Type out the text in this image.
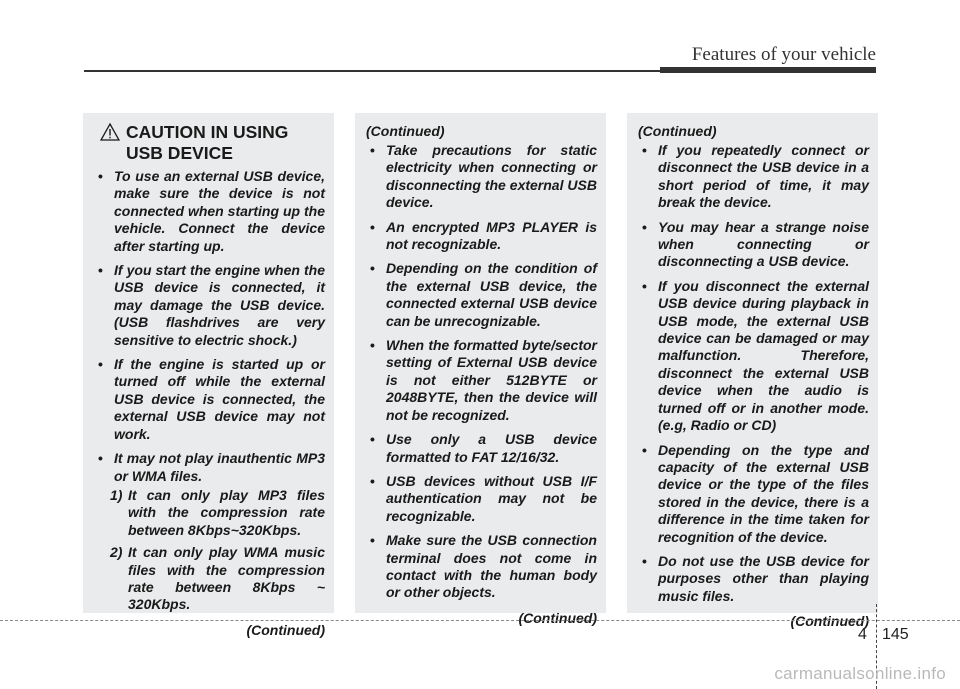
Features of your vehicle
CAUTION IN USING
USB DEVICE
• To use an external USB device, make sure the device is not connected when starting up the vehicle. Connect the device after starting up.
• If you start the engine when the USB device is connected, it may damage the USB device. (USB flashdrives are very sensitive to electric shock.)
• If the engine is started up or turned off while the external USB device is connected, the external USB device may not work.
• It may not play inauthentic MP3 or WMA files.
1) It can only play MP3 files with the compression rate between 8Kbps~320Kbps.
2) It can only play WMA music files with the compression rate between 8Kbps ~ 320Kbps.
(Continued)
(Continued)
• Take precautions for static electricity when connecting or disconnecting the external USB device.
• An encrypted MP3 PLAYER is not recognizable.
• Depending on the condition of the external USB device, the connected external USB device can be unrecognizable.
• When the formatted byte/sector setting of External USB device is not either 512BYTE or 2048BYTE, then the device will not be recognized.
• Use only a USB device formatted to FAT 12/16/32.
• USB devices without USB I/F authentication may not be recognizable.
• Make sure the USB connection terminal does not come in contact with the human body or other objects.
(Continued)
(Continued)
• If you repeatedly connect or disconnect the USB device in a short period of time, it may break the device.
• You may hear a strange noise when connecting or disconnecting a USB device.
• If you disconnect the external USB device during playback in USB mode, the external USB device can be damaged or may malfunction. Therefore, disconnect the external USB device when the audio is turned off or in another mode. (e.g, Radio or CD)
• Depending on the type and capacity of the external USB device or the type of the files stored in the device, there is a difference in the time taken for recognition of the device.
• Do not use the USB device for purposes other than playing music files.
(Continued)
4 145
carmanualsonline.info
